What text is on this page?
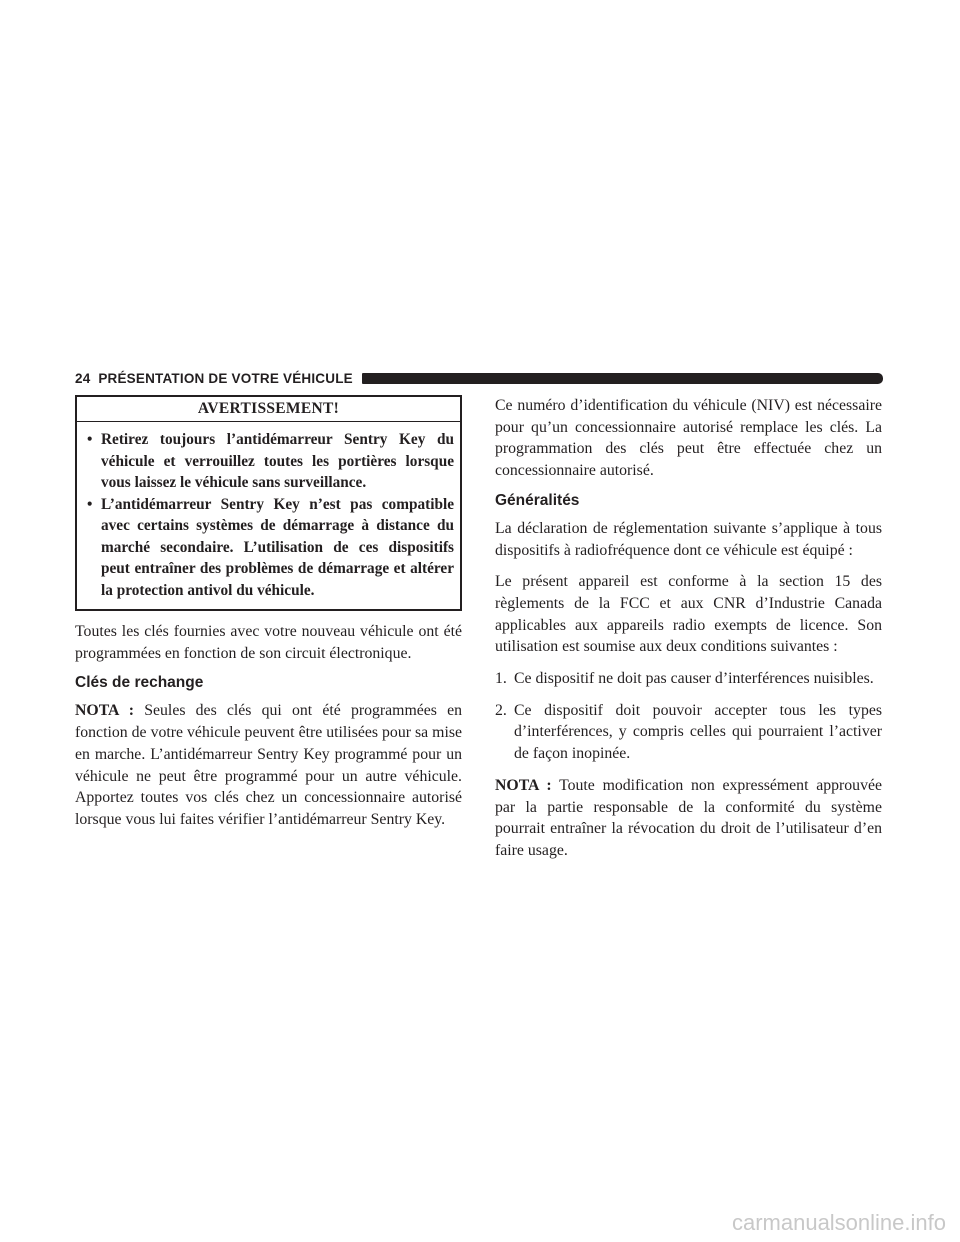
24 PRÉSENTATION DE VOTRE VÉHICULE
AVERTISSEMENT!
• Retirez toujours l’antidémarreur Sentry Key du véhicule et verrouillez toutes les portières lorsque vous laissez le véhicule sans surveillance.
• L’antidémarreur Sentry Key n’est pas compatible avec certains systèmes de démarrage à distance du marché secondaire. L’utilisation de ces dispositifs peut entraîner des problèmes de démarrage et altérer la protection antivol du véhicule.

Toutes les clés fournies avec votre nouveau véhicule ont été programmées en fonction de son circuit électronique.

Clés de rechange

NOTA : Seules des clés qui ont été programmées en fonction de votre véhicule peuvent être utilisées pour sa mise en marche. L’antidémarreur Sentry Key programmé pour un véhicule ne peut être programmé pour un autre véhicule. Apportez toutes vos clés chez un concessionnaire autorisé lorsque vous lui faites vérifier l’antidémarreur Sentry Key.

Ce numéro d’identification du véhicule (NIV) est nécessaire pour qu’un concessionnaire autorisé remplace les clés. La programmation des clés peut être effectuée chez un concessionnaire autorisé.

Généralités

La déclaration de réglementation suivante s’applique à tous dispositifs à radiofréquence dont ce véhicule est équipé :

Le présent appareil est conforme à la section 15 des règlements de la FCC et aux CNR d’Industrie Canada applicables aux appareils radio exempts de licence. Son utilisation est soumise aux deux conditions suivantes :

1. Ce dispositif ne doit pas causer d’interférences nuisibles.
2. Ce dispositif doit pouvoir accepter tous les types d’interférences, y compris celles qui pourraient l’activer de façon inopinée.

NOTA : Toute modification non expressément approuvée par la partie responsable de la conformité du système pourrait entraîner la révocation du droit de l’utilisateur d’en faire usage.

carmanualsonline.info
